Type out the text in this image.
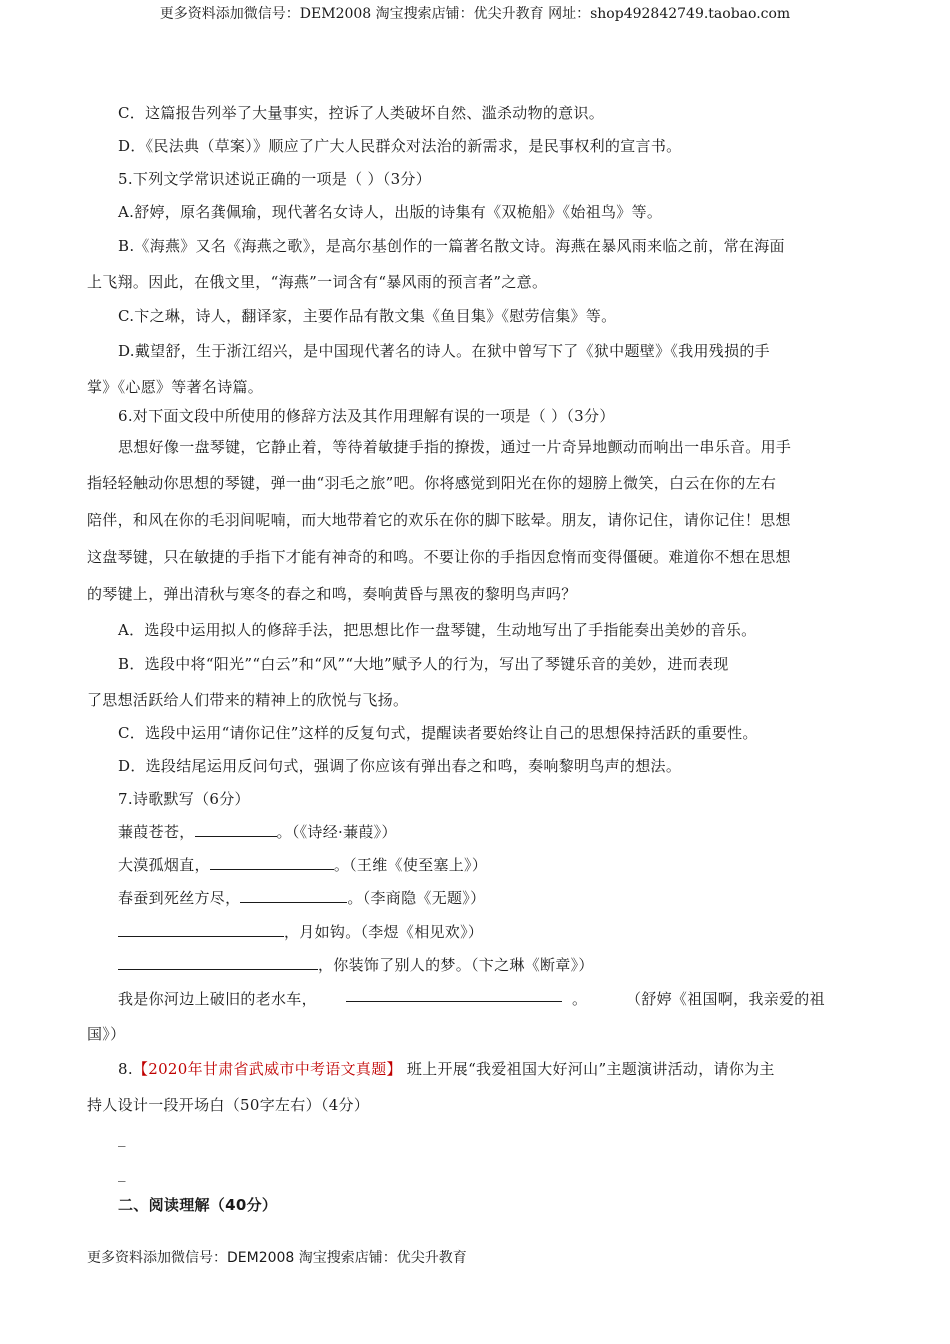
更多资料添加微信号：DEM2008 淘宝搜索店铺：优尖升教育 网址：shop492842749.taobao.com
C．这篇报告列举了大量事实，控诉了人类破坏自然、滥杀动物的意识。
D．《民法典（草案）》顺应了广大人民群众对法治的新需求，是民事权利的宣言书。
5.下列文学常识述说正确的一项是（ ）（3分）
A.舒婷，原名龚佩瑜，现代著名女诗人，出版的诗集有《双桅船》《始祖鸟》等。
B.《海燕》又名《海燕之歌》，是高尔基创作的一篇著名散文诗。海燕在暴风雨来临之前，常在海面
上飞翔。因此，在俄文里，“海燕”一词含有“暴风雨的预言者”之意。
C.卞之琳，诗人，翻译家，主要作品有散文集《鱼目集》《慰劳信集》等。
D.戴望舒，生于浙江绍兴，是中国现代著名的诗人。在狱中曾写下了《狱中题壁》《我用残损的手
掌》《心愿》等著名诗篇。
6.对下面文段中所使用的修辞方法及其作用理解有误的一项是（ ）（3分）
思想好像一盘琴键，它静止着，等待着敏捷手指的撩拨，通过一片奇异地颤动而响出一串乐音。用手
指轻轻触动你思想的琴键，弹一曲“羽毛之旅”吧。你将感觉到阳光在你的翅膀上微笑，白云在你的左右
陪伴，和风在你的毛羽间呢喃，而大地带着它的欢乐在你的脚下眩晕。朋友，请你记住，请你记住！思想
这盘琴键，只在敏捷的手指下才能有神奇的和鸣。不要让你的手指因怠惰而变得僵硬。难道你不想在思想
的琴键上，弹出清秋与寒冬的春之和鸣，奏响黄昏与黑夜的黎明鸟声吗？
A．选段中运用拟人的修辞手法，把思想比作一盘琴键，生动地写出了手指能奏出美妙的音乐。
B．选段中将“阳光”“白云”和“风”“大地”赋予人的行为，写出了琴键乐音的美妙，进而表现
了思想活跃给人们带来的精神上的欣悦与飞扬。
C．选段中运用“请你记住”这样的反复句式，提醒读者要始终让自己的思想保持活跃的重要性。
D．选段结尾运用反问句式，强调了你应该有弹出春之和鸣，奏响黎明鸟声的想法。
7.诗歌默写（6分）
蒹葭苍苍，	。（《诗经·蒹葭》）
大漠孤烟直，	。（王维《使至塞上》）
春蚕到死丝方尽，	。（李商隐《无题》）
，月如钩。（李煜《相见欢》）
，你装饰了别人的梦。（卞之琳《断章》）
我是你河边上破旧的老水车，	。	（舒婷《祖国啊，我亲爱的祖
国》）
8.【2020年甘肃省武威市中考语文真题】 班上开展“我爱祖国大好河山”主题演讲活动，请你为主
持人设计一段开场白（50字左右）（4分）
_
_
二、阅读理解（40分）
更多资料添加微信号：DEM2008 淘宝搜索店铺：优尖升教育
